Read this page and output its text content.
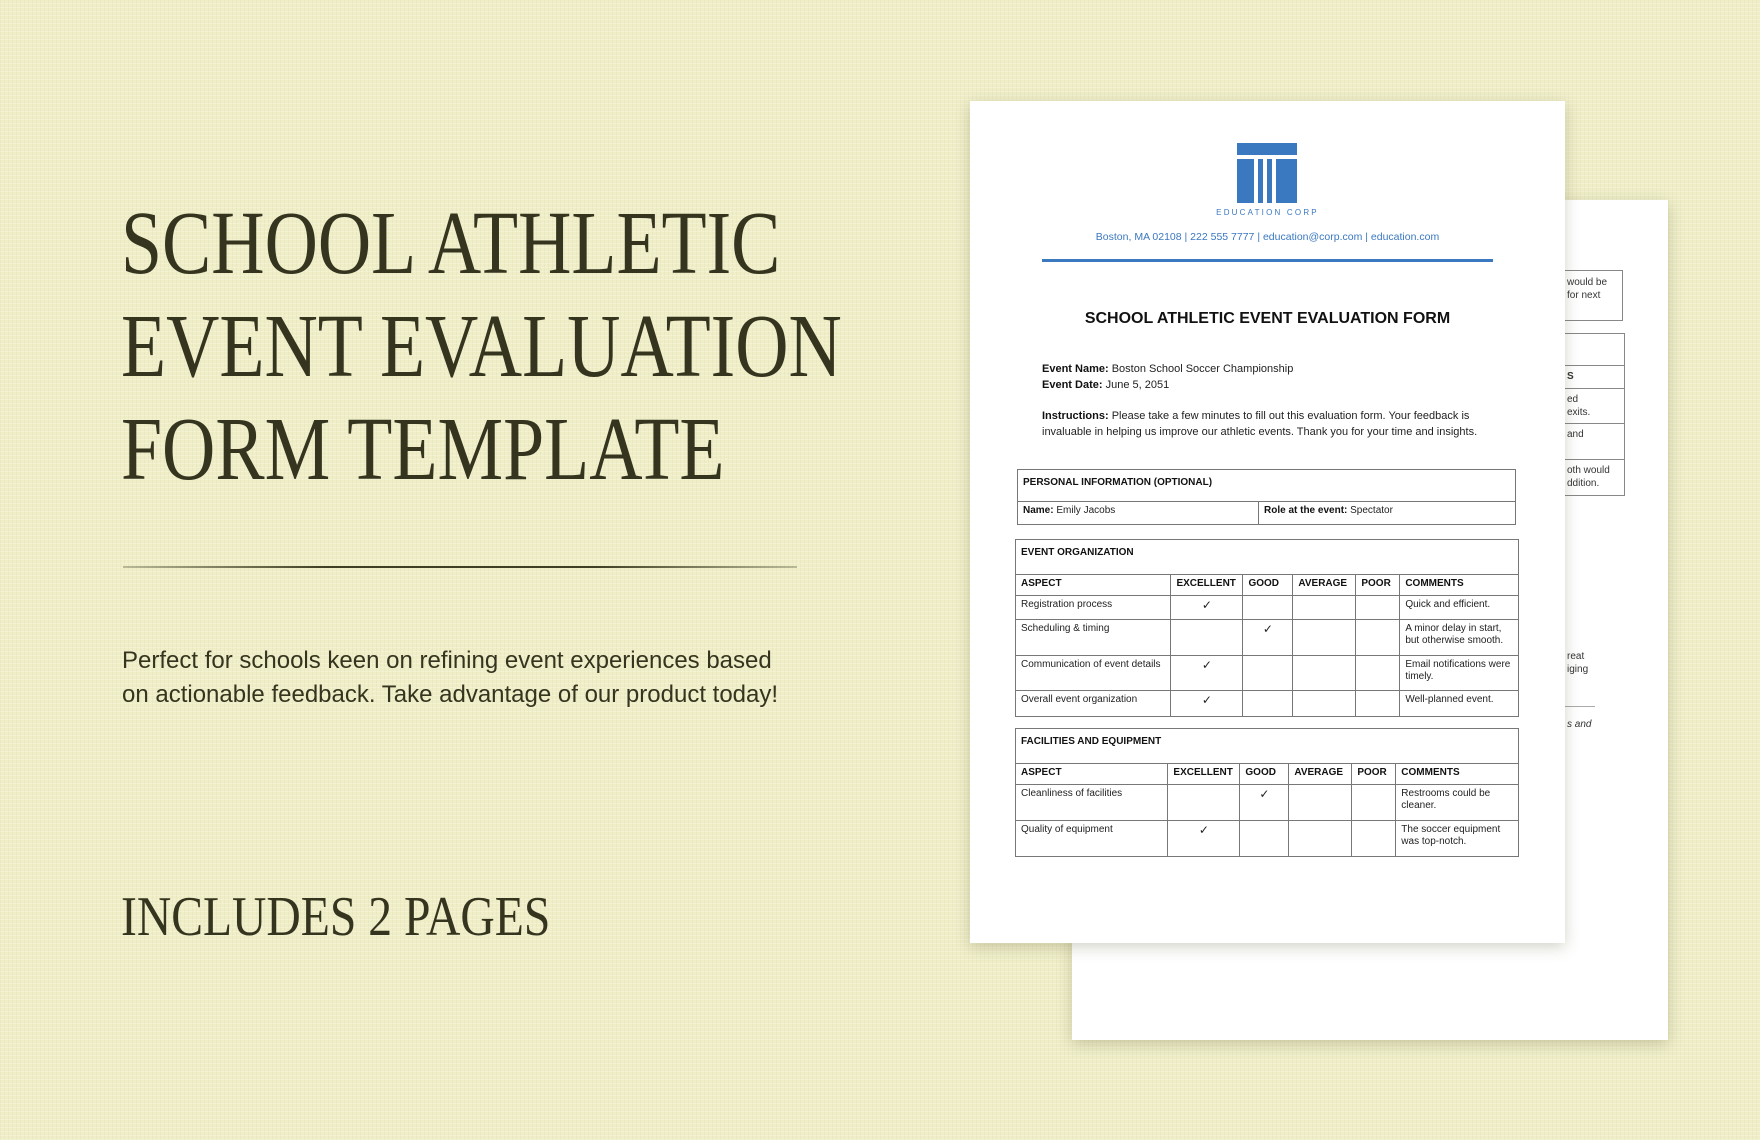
SCHOOL ATHLETIC
EVENT EVALUATION
FORM TEMPLATE

Perfect for schools keen on refining event experiences based on actionable feedback. Take advantage of our product today!

INCLUDES 2 PAGES
would be
for next
S
ed
exits.
and
oth would
ddition.
reat
iging
s and
EDUCATION CORP
Boston, MA 02108 | 222 555 7777 | education@corp.com | education.com
SCHOOL ATHLETIC EVENT EVALUATION FORM
Event Name: Boston School Soccer Championship
Event Date: June 5, 2051
Instructions: Please take a few minutes to fill out this evaluation form. Your feedback is invaluable in helping us improve our athletic events. Thank you for your time and insights.
PERSONAL INFORMATION (OPTIONAL)
Name: Emily Jacobs	Role at the event: Spectator
EVENT ORGANIZATION					
ASPECT	EXCELLENT	GOOD	AVERAGE	POOR	COMMENTS
Registration process	✓				Quick and efficient.
Scheduling & timing		✓			A minor delay in start, but otherwise smooth.
Communication of event details	✓				Email notifications were timely.
Overall event organization	✓				Well-planned event.
FACILITIES AND EQUIPMENT					
ASPECT	EXCELLENT	GOOD	AVERAGE	POOR	COMMENTS
Cleanliness of facilities		✓			Restrooms could be cleaner.
Quality of equipment	✓				The soccer equipment was top-notch.
